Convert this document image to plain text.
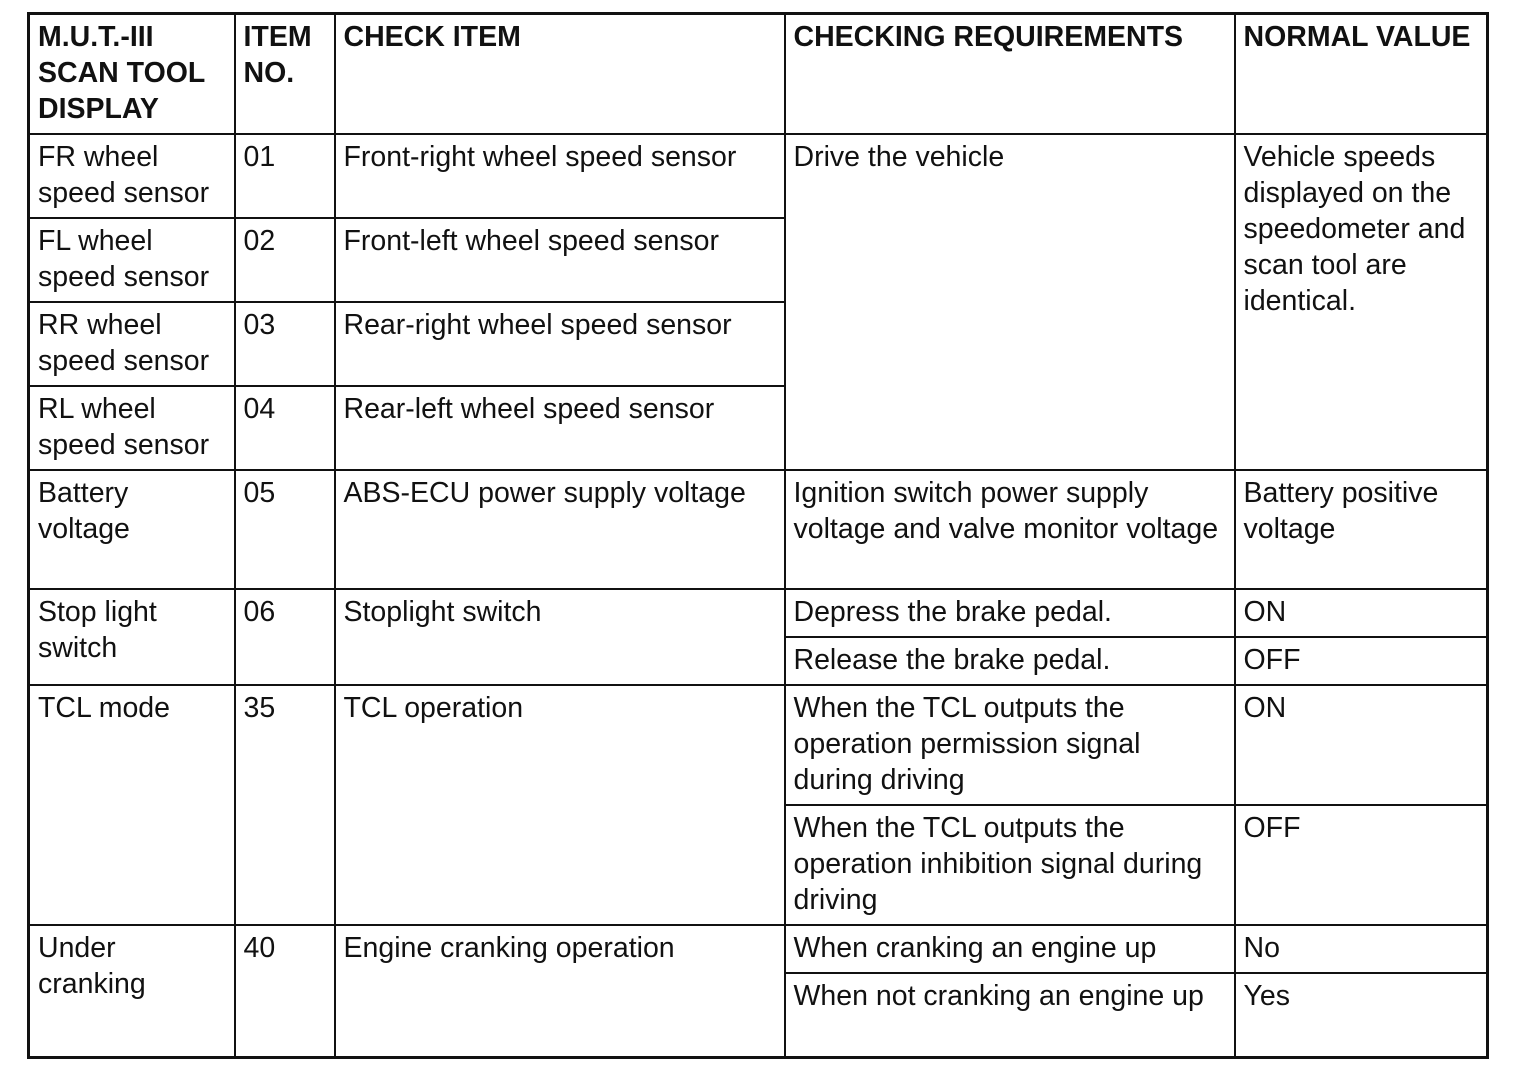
M.U.T.-III SCAN TOOL DISPLAY	ITEM NO.	CHECK ITEM	CHECKING REQUIREMENTS	NORMAL VALUE
FR wheel speed sensor	01	Front-right wheel speed sensor	Drive the vehicle	Vehicle speeds displayed on the speedometer and scan tool are identical.
FL wheel speed sensor	02	Front-left wheel speed sensor		
RR wheel speed sensor	03	Rear-right wheel speed sensor		
RL wheel speed sensor	04	Rear-left wheel speed sensor		
Battery voltage	05	ABS-ECU power supply voltage	Ignition switch power supply voltage and valve monitor voltage	Battery positive voltage
Stop light switch	06	Stoplight switch	Depress the brake pedal.	ON
			Release the brake pedal.	OFF
TCL mode	35	TCL operation	When the TCL outputs the operation permission signal during driving	ON
			When the TCL outputs the operation inhibition signal during driving	OFF
Under cranking	40	Engine cranking operation	When cranking an engine up	No
			When not cranking an engine up	Yes
